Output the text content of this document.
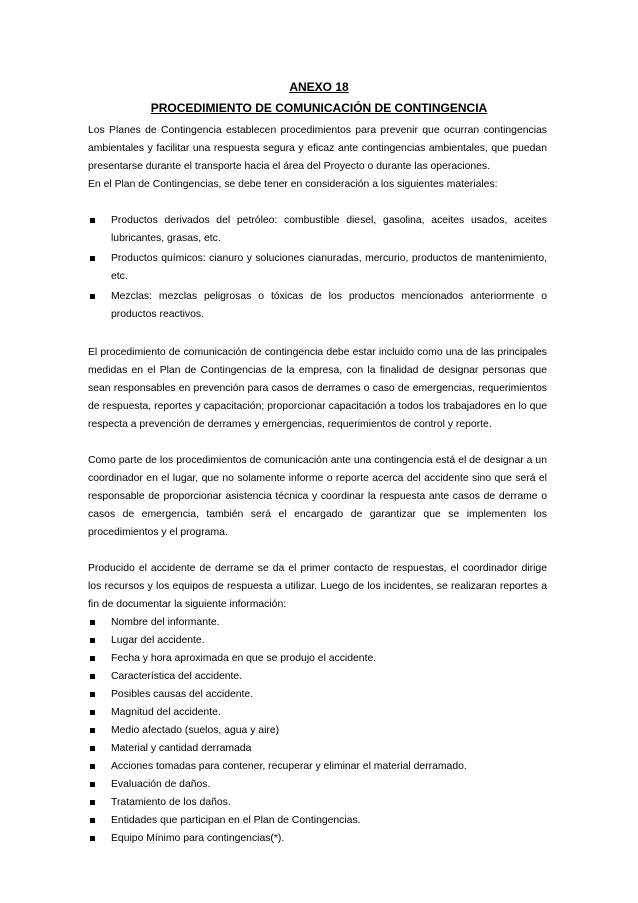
ANEXO 18
PROCEDIMIENTO DE COMUNICACIÓN DE CONTINGENCIA

Los Planes de Contingencia establecen procedimientos para prevenir que ocurran contingencias ambientales y facilitar una respuesta segura y eficaz ante contingencias ambientales, que puedan presentarse durante el transporte hacia el área del Proyecto o durante las operaciones.

En el Plan de Contingencias, se debe tener en consideración a los siguientes materiales:

Productos derivados del petróleo: combustible diesel, gasolina, aceites usados, aceites lubricantes, grasas, etc.
Productos químicos: cianuro y soluciones cianuradas, mercurio, productos de mantenimiento, etc.
Mezclas: mezclas peligrosas o tóxicas de los productos mencionados anteriormente o productos reactivos.

El procedimiento de comunicación de contingencia debe estar incluido como una de las principales medidas en el Plan de Contingencias de la empresa, con la finalidad de designar personas que sean responsables en prevención para casos de derrames o caso de emergencias, requerimientos de respuesta, reportes y capacitación; proporcionar capacitación a todos los trabajadores en lo que respecta a prevención de derrames y emergencias, requerimientos de control y reporte.

Como parte de los procedimientos de comunicación ante una contingencia está el de designar a un coordinador en el lugar, que no solamente informe o reporte acerca del accidente sino que será el responsable de proporcionar asistencia técnica y coordinar la respuesta ante casos de derrame o casos de emergencia, también será el encargado de garantizar que se implementen los procedimientos y el programa.

Producido el accidente de derrame se da el primer contacto de respuestas, el coordinador dirige los recursos y los equipos de respuesta a utilizar. Luego de los incidentes, se realizaran reportes a fin de documentar la siguiente información:

Nombre del informante.
Lugar del accidente.
Fecha y hora aproximada en que se produjo el accidente.
Característica del accidente.
Posibles causas del accidente.
Magnitud del accidente.
Medio afectado (suelos, agua y aire)
Material y cantidad derramada
Acciones tomadas para contener, recuperar y eliminar el material derramado.
Evaluación de daños.
Tratamiento de los daños.
Entidades que participan en el Plan de Contingencias.
Equipo Mínimo para contingencias(*).
